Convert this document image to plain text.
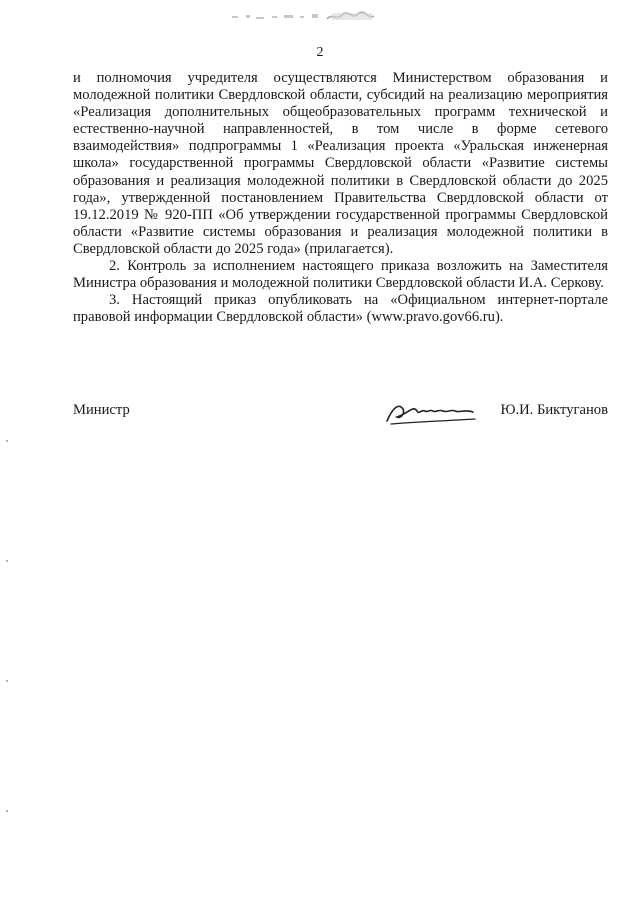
2

и полномочия учредителя осуществляются Министерством образования и молодежной политики Свердловской области, субсидий на реализацию мероприятия «Реализация дополнительных общеобразовательных программ технической и естественно-научной направленностей, в том числе в форме сетевого взаимодействия» подпрограммы 1 «Реализация проекта «Уральская инженерная школа» государственной программы Свердловской области «Развитие системы образования и реализация молодежной политики в Свердловской области до 2025 года», утвержденной постановлением Правительства Свердловской области от 19.12.2019 № 920-ПП «Об утверждении государственной программы Свердловской области «Развитие системы образования и реализация молодежной политики в Свердловской области до 2025 года» (прилагается).

2. Контроль за исполнением настоящего приказа возложить на Заместителя Министра образования и молодежной политики Свердловской области И.А. Серкову.

3. Настоящий приказ опубликовать на «Официальном интернет-портале правовой информации Свердловской области» (www.pravo.gov66.ru).

Министр	Ю.И. Биктуганов
